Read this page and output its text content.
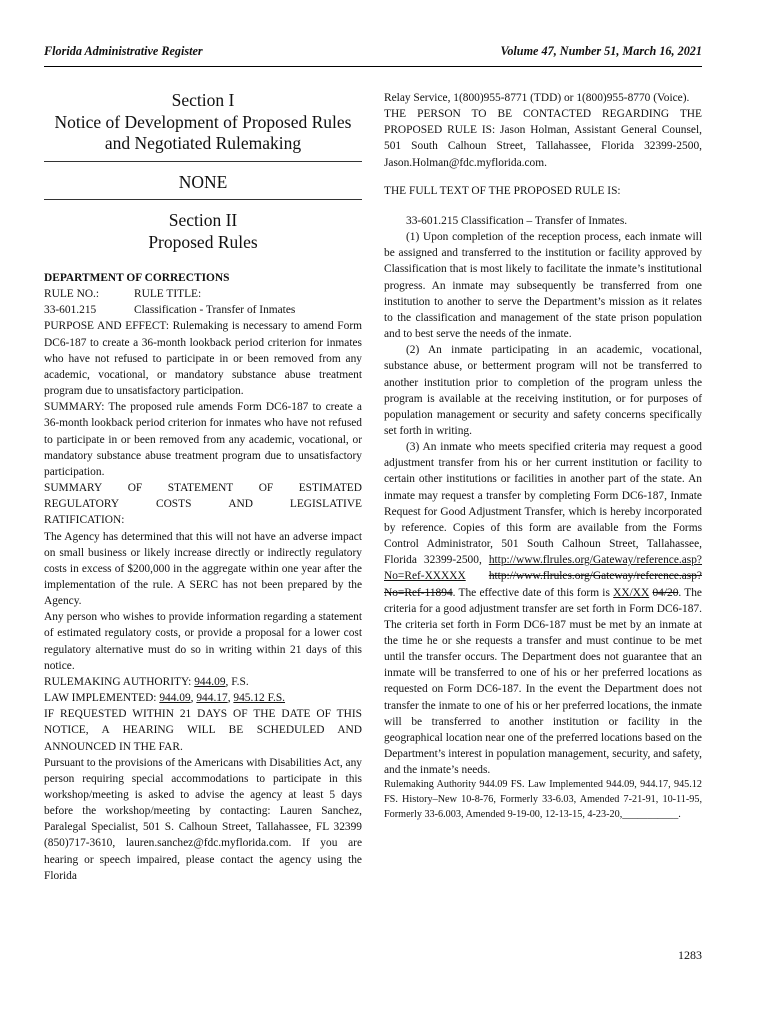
Florida Administrative Register	Volume 47, Number 51, March 16, 2021
Section I
Notice of Development of Proposed Rules
and Negotiated Rulemaking
NONE
Section II
Proposed Rules

DEPARTMENT OF CORRECTIONS

RULE NO.:	RULE TITLE:
33-601.215	Classification - Transfer of Inmates

PURPOSE AND EFFECT: Rulemaking is necessary to amend Form DC6-187 to create a 36-month lookback period criterion for inmates who have not refused to participate in or been removed from any academic, vocational, or mandatory substance abuse treatment program due to unsatisfactory participation.

SUMMARY: The proposed rule amends Form DC6-187 to create a 36-month lookback period criterion for inmates who have not refused to participate in or been removed from any academic, vocational, or mandatory substance abuse treatment program due to unsatisfactory participation.

SUMMARY OF STATEMENT OF ESTIMATED
REGULATORY	COSTS	AND	LEGISLATIVE

RATIFICATION:

The Agency has determined that this will not have an adverse impact on small business or likely increase directly or indirectly regulatory costs in excess of $200,000 in the aggregate within one year after the implementation of the rule. A SERC has not been prepared by the Agency.

Any person who wishes to provide information regarding a statement of estimated regulatory costs, or provide a proposal for a lower cost regulatory alternative must do so in writing within 21 days of this notice.

RULEMAKING AUTHORITY: 944.09, F.S.

LAW IMPLEMENTED: 944.09, 944.17, 945.12 F.S.

IF REQUESTED WITHIN 21 DAYS OF THE DATE OF THIS NOTICE, A HEARING WILL BE SCHEDULED AND ANNOUNCED IN THE FAR.

Pursuant to the provisions of the Americans with Disabilities Act, any person requiring special accommodations to participate in this workshop/meeting is asked to advise the agency at least 5 days before the workshop/meeting by contacting: Lauren Sanchez, Paralegal Specialist, 501 S. Calhoun Street, Tallahassee, FL 32399 (850)717-3610, lauren.sanchez@fdc.myflorida.com. If you are hearing or speech impaired, please contact the agency using the Florida

Relay Service, 1(800)955-8771 (TDD) or 1(800)955-8770 (Voice).

THE PERSON TO BE CONTACTED REGARDING THE PROPOSED RULE IS: Jason Holman, Assistant General Counsel, 501 South Calhoun Street, Tallahassee, Florida 32399-2500, Jason.Holman@fdc.myflorida.com.

THE FULL TEXT OF THE PROPOSED RULE IS:

33-601.215 Classification – Transfer of Inmates.

(1) Upon completion of the reception process, each inmate will be assigned and transferred to the institution or facility approved by Classification that is most likely to facilitate the inmate’s institutional progress. An inmate may subsequently be transferred from one institution to another to serve the Department’s mission as it relates to the classification and management of the state prison population and to best serve the needs of the inmate.

(2) An inmate participating in an academic, vocational, substance abuse, or betterment program will not be transferred to another institution prior to completion of the program unless the program is available at the receiving institution, or for purposes of population management or security and safety concerns specifically set forth in writing.

(3) An inmate who meets specified criteria may request a good adjustment transfer from his or her current institution or facility to certain other institutions or facilities in another part of the state. An inmate may request a transfer by completing Form DC6-187, Inmate Request for Good Adjustment Transfer, which is hereby incorporated by reference. Copies of this form are available from the Forms Control Administrator, 501 South Calhoun Street, Tallahassee, Florida 32399-2500, http://www.flrules.org/Gateway/reference.asp?No=Ref-XXXXX http://www.flrules.org/Gateway/reference.asp?No=Ref-11894. The effective date of this form is XX/XX 04/20. The criteria for a good adjustment transfer are set forth in Form DC6-187. The criteria set forth in Form DC6-187 must be met by an inmate at the time he or she requests a transfer and must continue to be met until the transfer occurs. The Department does not guarantee that an inmate will be transferred to one of his or her preferred locations as requested on Form DC6-187. In the event the Department does not transfer the inmate to one of his or her preferred locations, the inmate will be transferred to another institution or facility in the geographical location near one of the preferred locations based on the Department’s interest in population management, security, and safety, and the inmate’s needs.

Rulemaking Authority 944.09 FS. Law Implemented 944.09, 944.17, 945.12 FS. History–New 10-8-76, Formerly 33-6.03, Amended 7-21-91, 10-11-95, Formerly 33-6.003, Amended 9-19-00, 12-13-15, 4-23-20,___________.

1283
